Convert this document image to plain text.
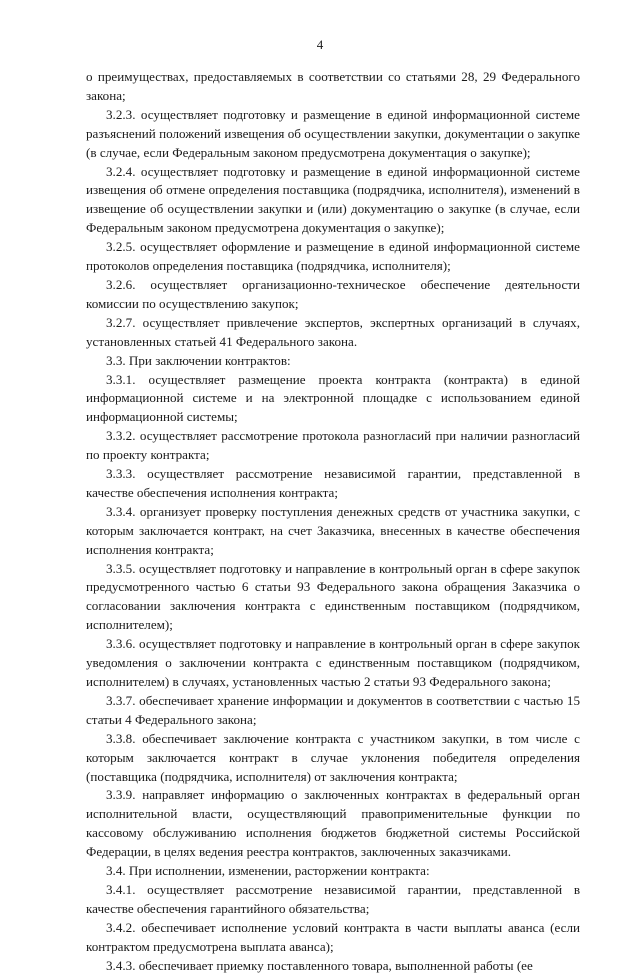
4

о преимуществах, предоставляемых в соответствии со статьями 28, 29 Федерального закона;

3.2.3. осуществляет подготовку и размещение в единой информационной системе разъяснений положений извещения об осуществлении закупки, документации о закупке (в случае, если Федеральным законом предусмотрена документация о закупке);

3.2.4. осуществляет подготовку и размещение в единой информационной системе извещения об отмене определения поставщика (подрядчика, исполнителя), изменений в извещение об осуществлении закупки и (или) документацию о закупке (в случае, если Федеральным законом предусмотрена документация о закупке);

3.2.5. осуществляет оформление и размещение в единой информационной системе протоколов определения поставщика (подрядчика, исполнителя);

3.2.6. осуществляет организационно-техническое обеспечение деятельности комиссии по осуществлению закупок;

3.2.7. осуществляет привлечение экспертов, экспертных организаций в случаях, установленных статьей 41 Федерального закона.

3.3. При заключении контрактов:

3.3.1. осуществляет размещение проекта контракта (контракта) в единой информационной системе и на электронной площадке с использованием единой информационной системы;

3.3.2. осуществляет рассмотрение протокола разногласий при наличии разногласий по проекту контракта;

3.3.3. осуществляет рассмотрение независимой гарантии, представленной в качестве обеспечения исполнения контракта;

3.3.4. организует проверку поступления денежных средств от участника закупки, с которым заключается контракт, на счет Заказчика, внесенных в качестве обеспечения исполнения контракта;

3.3.5. осуществляет подготовку и направление в контрольный орган в сфере закупок предусмотренного частью 6 статьи 93 Федерального закона обращения Заказчика о согласовании заключения контракта с единственным поставщиком (подрядчиком, исполнителем);

3.3.6. осуществляет подготовку и направление в контрольный орган в сфере закупок уведомления о заключении контракта с единственным поставщиком (подрядчиком, исполнителем) в случаях, установленных частью 2 статьи 93 Федерального закона;

3.3.7. обеспечивает хранение информации и документов в соответствии с частью 15 статьи 4 Федерального закона;

3.3.8. обеспечивает заключение контракта с участником закупки, в том числе с которым заключается контракт в случае уклонения победителя определения (поставщика (подрядчика, исполнителя) от заключения контракта;

3.3.9. направляет информацию о заключенных контрактах в федеральный орган исполнительной власти, осуществляющий правоприменительные функции по кассовому обслуживанию исполнения бюджетов бюджетной системы Российской Федерации, в целях ведения реестра контрактов, заключенных заказчиками.

3.4. При исполнении, изменении, расторжении контракта:

3.4.1. осуществляет рассмотрение независимой гарантии, представленной в качестве обеспечения гарантийного обязательства;

3.4.2. обеспечивает исполнение условий контракта в части выплаты аванса (если контрактом предусмотрена выплата аванса);

3.4.3. обеспечивает приемку поставленного товара, выполненной работы (ее
